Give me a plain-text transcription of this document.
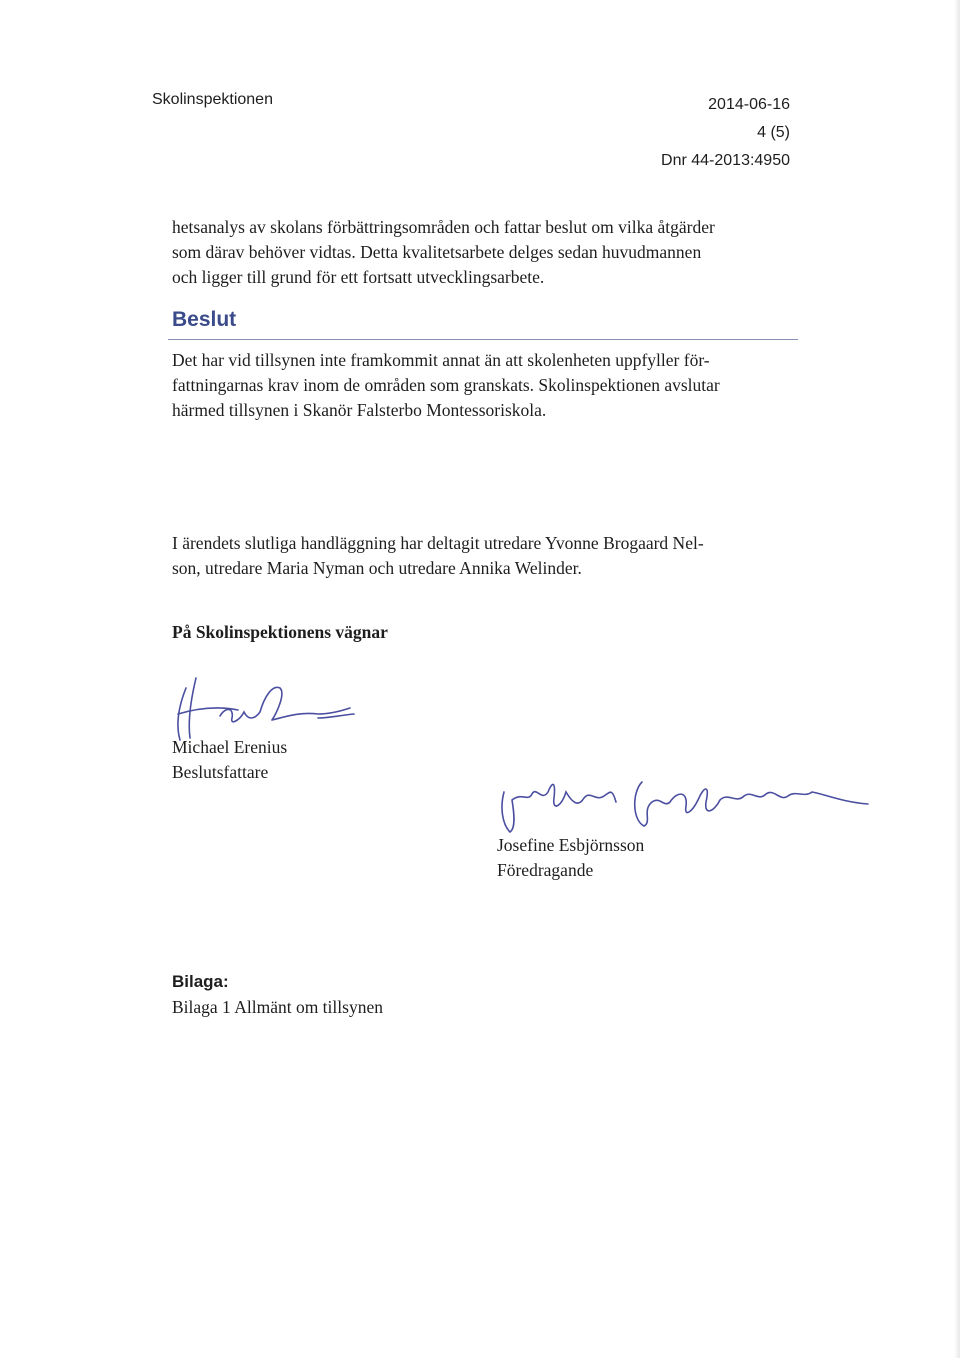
Skolinspektionen	2014-06-16
4 (5)
Dnr 44-2013:4950
hetsanalys av skolans förbättringsområden och fattar beslut om vilka åtgärder
som därav behöver vidtas. Detta kvalitetsarbete delges sedan huvudmannen
och ligger till grund för ett fortsatt utvecklingsarbete.
Beslut
Det har vid tillsynen inte framkommit annat än att skolenheten uppfyller för-
fattningarnas krav inom de områden som granskats. Skolinspektionen avslutar
härmed tillsynen i Skanör Falsterbo Montessoriskola.
I ärendets slutliga handläggning har deltagit utredare Yvonne Brogaard Nel-
son, utredare Maria Nyman och utredare Annika Welinder.
På Skolinspektionens vägnar
Michael Erenius
Beslutsfattare
Josefine Esbjörnsson
Föredragande
Bilaga:
Bilaga 1 Allmänt om tillsynen
